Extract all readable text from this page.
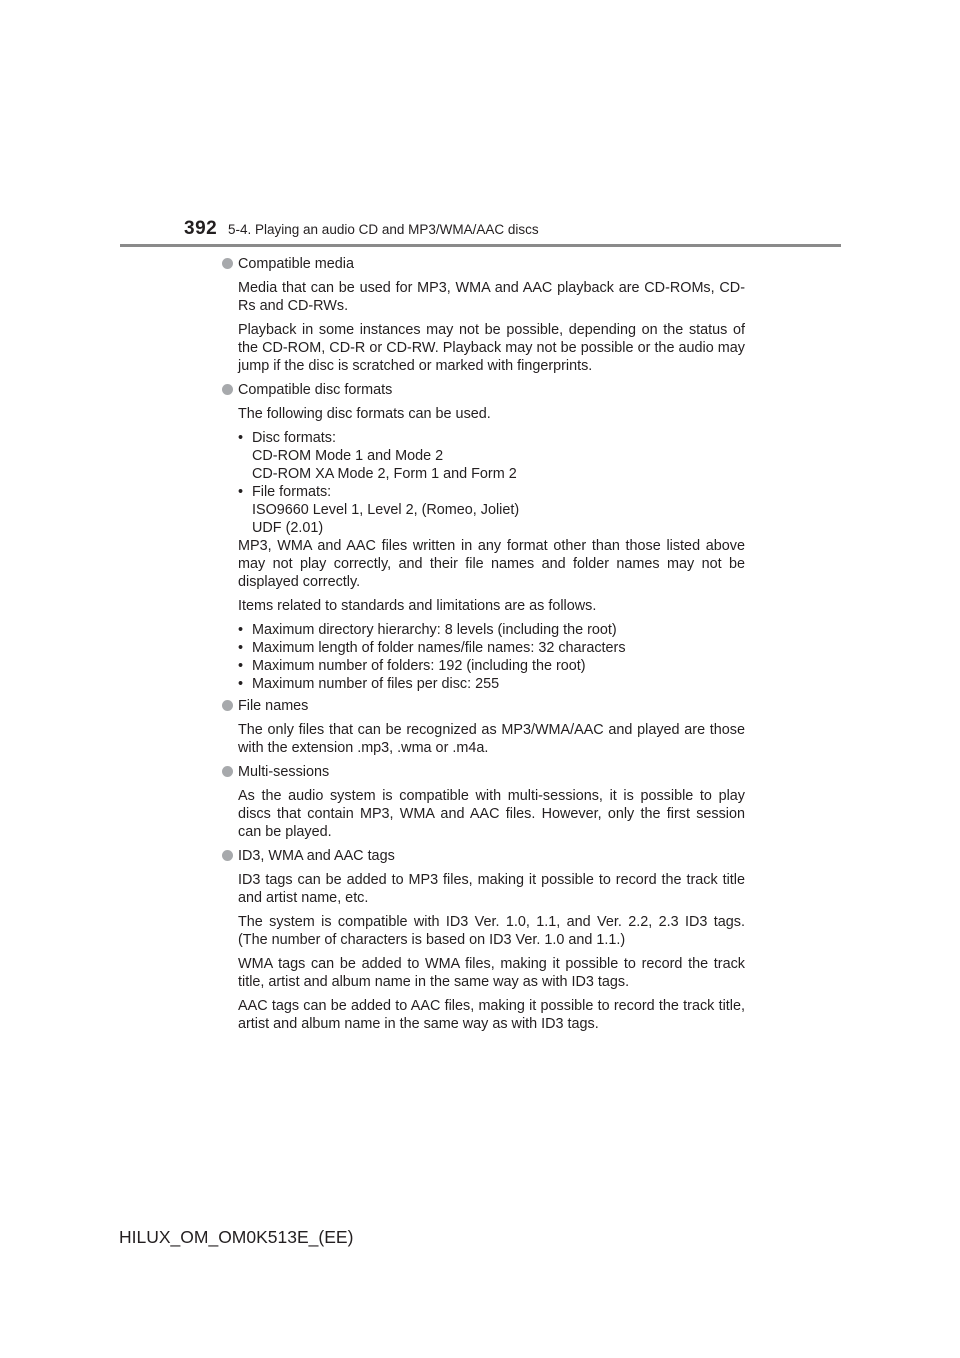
392 5-4. Playing an audio CD and MP3/WMA/AAC discs
Compatible media
Media that can be used for MP3, WMA and AAC playback are CD-ROMs, CD-Rs and CD-RWs.
Playback in some instances may not be possible, depending on the status of the CD-ROM, CD-R or CD-RW. Playback may not be possible or the audio may jump if the disc is scratched or marked with fingerprints.
Compatible disc formats
The following disc formats can be used.
• Disc formats:
CD-ROM Mode 1 and Mode 2
CD-ROM XA Mode 2, Form 1 and Form 2
• File formats:
ISO9660 Level 1, Level 2, (Romeo, Joliet)
UDF (2.01)
MP3, WMA and AAC files written in any format other than those listed above may not play correctly, and their file names and folder names may not be displayed correctly.
Items related to standards and limitations are as follows.
• Maximum directory hierarchy: 8 levels (including the root)
• Maximum length of folder names/file names: 32 characters
• Maximum number of folders: 192 (including the root)
• Maximum number of files per disc: 255
File names
The only files that can be recognized as MP3/WMA/AAC and played are those with the extension .mp3, .wma or .m4a.
Multi-sessions
As the audio system is compatible with multi-sessions, it is possible to play discs that contain MP3, WMA and AAC files. However, only the first session can be played.
ID3, WMA and AAC tags
ID3 tags can be added to MP3 files, making it possible to record the track title and artist name, etc.
The system is compatible with ID3 Ver. 1.0, 1.1, and Ver. 2.2, 2.3 ID3 tags. (The number of characters is based on ID3 Ver. 1.0 and 1.1.)
WMA tags can be added to WMA files, making it possible to record the track title, artist and album name in the same way as with ID3 tags.
AAC tags can be added to AAC files, making it possible to record the track title, artist and album name in the same way as with ID3 tags.
HILUX_OM_OM0K513E_(EE)
